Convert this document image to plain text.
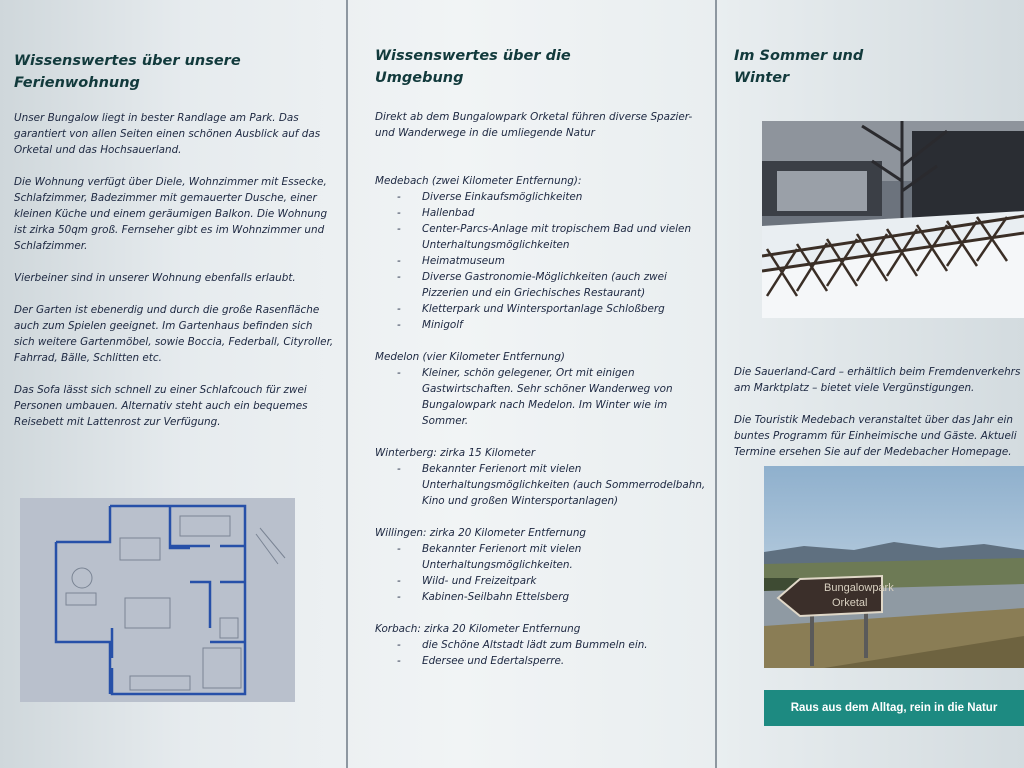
Wissenswertes über unsere
Ferienwohnung

Unser Bungalow liegt in bester Randlage am Park. Das garantiert von allen Seiten einen schönen Ausblick auf das Orketal und das Hochsauerland.

Die Wohnung verfügt über Diele, Wohnzimmer mit Essecke, Schlafzimmer, Badezimmer mit gemauerter Dusche, einer kleinen Küche und einem geräumigen Balkon. Die Wohnung ist zirka 50qm groß. Fernseher gibt es im Wohnzimmer und Schlafzimmer.

Vierbeiner sind in unserer Wohnung ebenfalls erlaubt.

Der Garten ist ebenerdig und durch die große Rasenfläche auch zum Spielen geeignet. Im Gartenhaus befinden sich sich weitere Gartenmöbel, sowie Boccia, Federball, Cityroller, Fahrrad, Bälle, Schlitten etc.

Das Sofa lässt sich schnell zu einer Schlafcouch für zwei Personen umbauen. Alternativ steht auch ein bequemes Reisebett mit Lattenrost zur Verfügung.

Wissenswertes über die
Umgebung

Direkt ab dem Bungalowpark Orketal führen diverse Spazier- und Wanderwege in die umliegende Natur

Medebach (zwei Kilometer Entfernung):
- Diverse Einkaufsmöglichkeiten
- Hallenbad
- Center-Parcs-Anlage mit tropischem Bad und vielen Unterhaltungsmöglichkeiten
- Heimatmuseum
- Diverse Gastronomie-Möglichkeiten (auch zwei Pizzerien und ein Griechisches Restaurant)
- Kletterpark und Wintersportanlage Schloßberg
- Minigolf
Medelon (vier Kilometer Entfernung)
- Kleiner, schön gelegener, Ort mit einigen Gastwirtschaften. Sehr schöner Wanderweg von Bungalowpark nach Medelon. Im Winter wie im Sommer.
Winterberg: zirka 15 Kilometer
- Bekannter Ferienort mit vielen Unterhaltungsmöglichkeiten (auch Sommerrodelbahn, Kino und großen Wintersportanlagen)
Willingen: zirka 20 Kilometer Entfernung
- Bekannter Ferienort mit vielen Unterhaltungsmöglichkeiten.
- Wild- und Freizeitpark
- Kabinen-Seilbahn Ettelsberg
Korbach: zirka 20 Kilometer Entfernung
- die Schöne Altstadt lädt zum Bummeln ein.
- Edersee und Edertalsperre.
Im Sommer und
Winter

Die Sauerland-Card – erhältlich beim Fremdenverkehrs
am Marktplatz – bietet viele Vergünstigungen.

Die Touristik Medebach veranstaltet über das Jahr ein
buntes Programm für Einheimische und Gäste. Aktueli
Termine ersehen Sie auf der Medebacher Homepage.

Bungalowpark
Orketal
Raus aus dem Alltag, rein in die Natur
